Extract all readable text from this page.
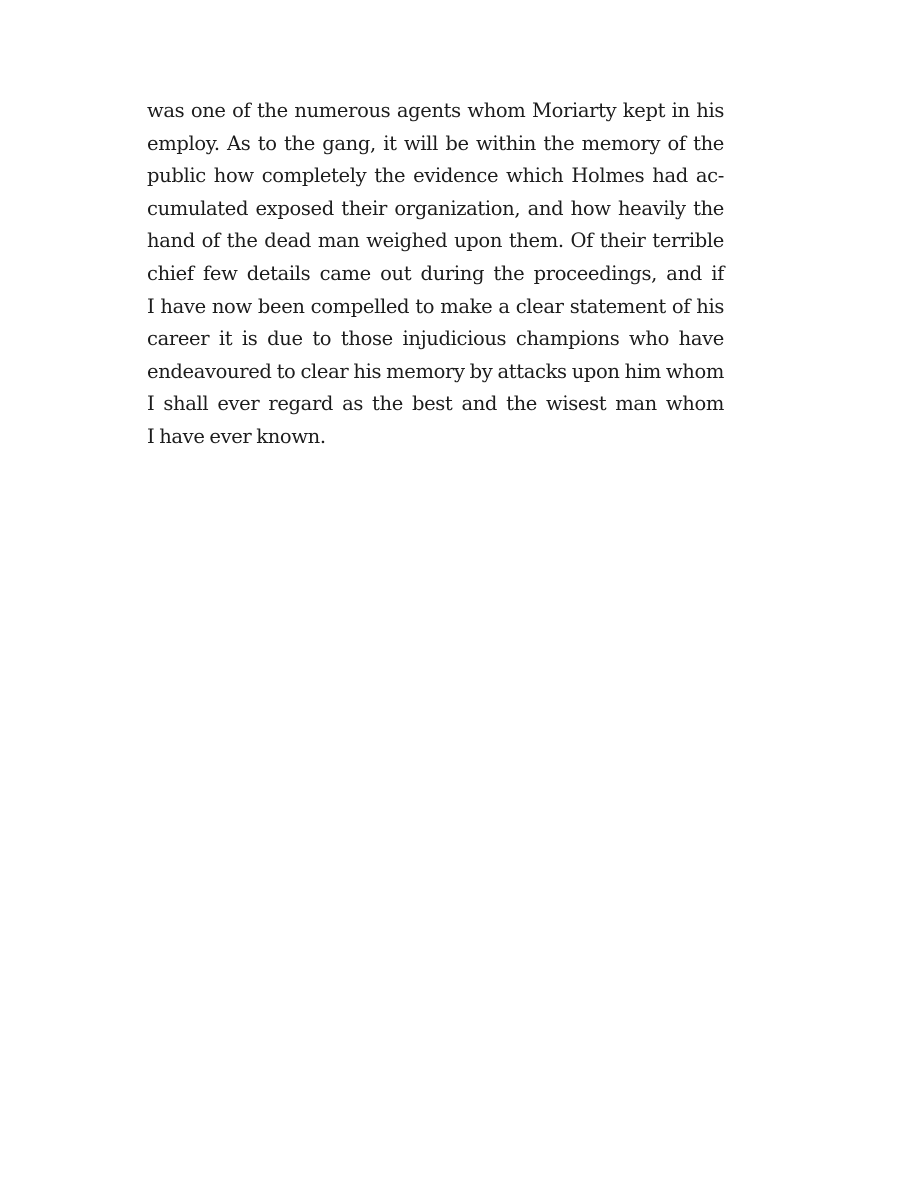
was one of the numerous agents whom Moriarty kept in his
employ. As to the gang, it will be within the memory of the
public how completely the evidence which Holmes had ac-
cumulated exposed their organization, and how heavily the
hand of the dead man weighed upon them. Of their terrible
chief few details came out during the proceedings, and if
I have now been compelled to make a clear statement of his
career it is due to those injudicious champions who have
endeavoured to clear his memory by attacks upon him whom
I shall ever regard as the best and the wisest man whom
I have ever known.
